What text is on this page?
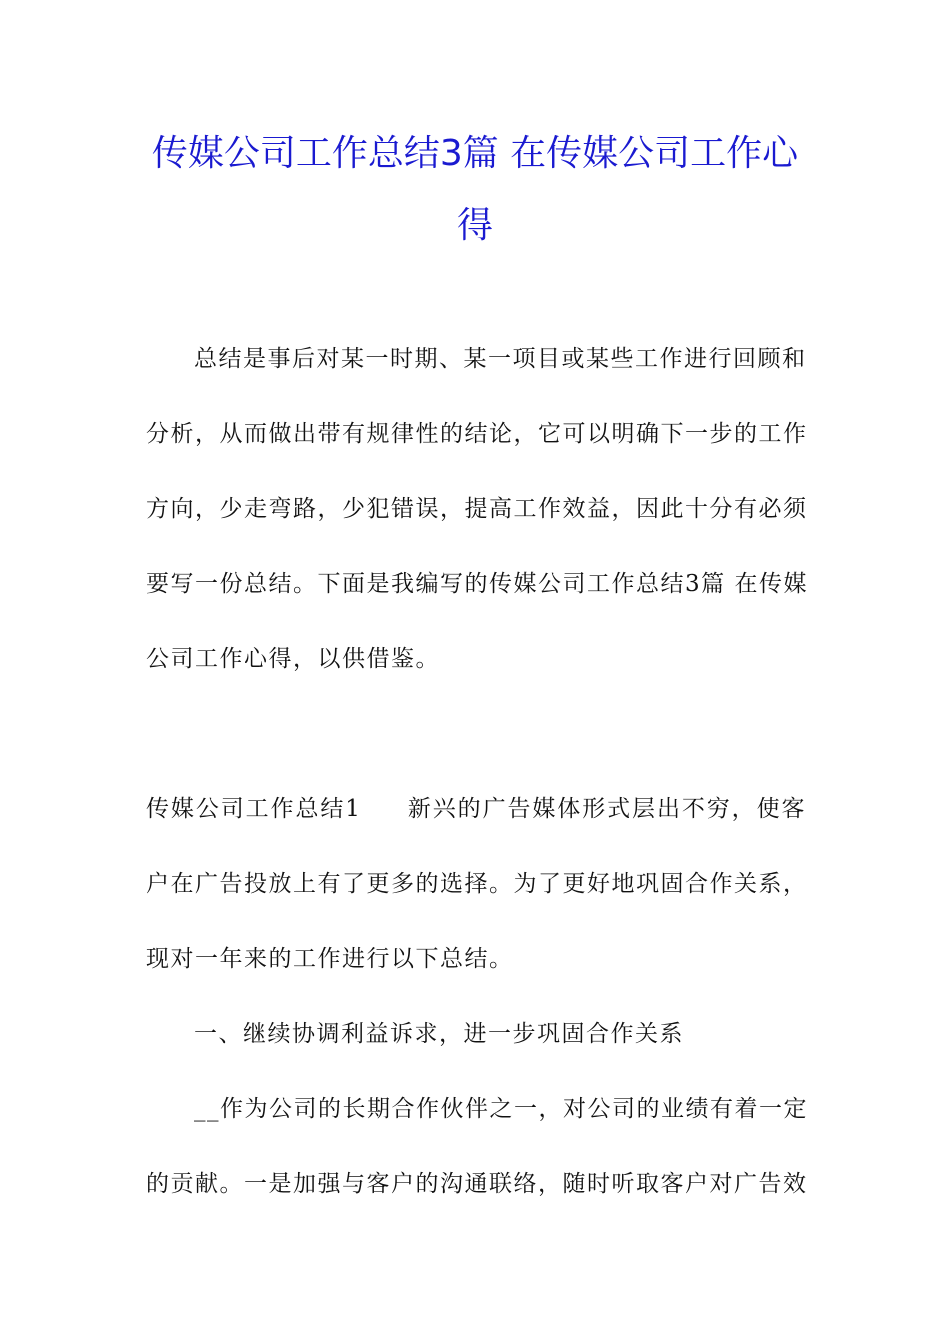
传媒公司工作总结3篇 在传媒公司工作心
得
总结是事后对某一时期、某一项目或某些工作进行回顾和
分析，从而做出带有规律性的结论，它可以明确下一步的工作
方向，少走弯路，少犯错误，提高工作效益，因此十分有必须
要写一份总结。下面是我编写的传媒公司工作总结3篇 在传媒
公司工作心得，以供借鉴。
传媒公司工作总结1 新兴的广告媒体形式层出不穷，使客
户在广告投放上有了更多的选择。为了更好地巩固合作关系，
现对一年来的工作进行以下总结。
一、继续协调利益诉求，进一步巩固合作关系
__作为公司的长期合作伙伴之一，对公司的业绩有着一定
的贡献。一是加强与客户的沟通联络，随时听取客户对广告效
